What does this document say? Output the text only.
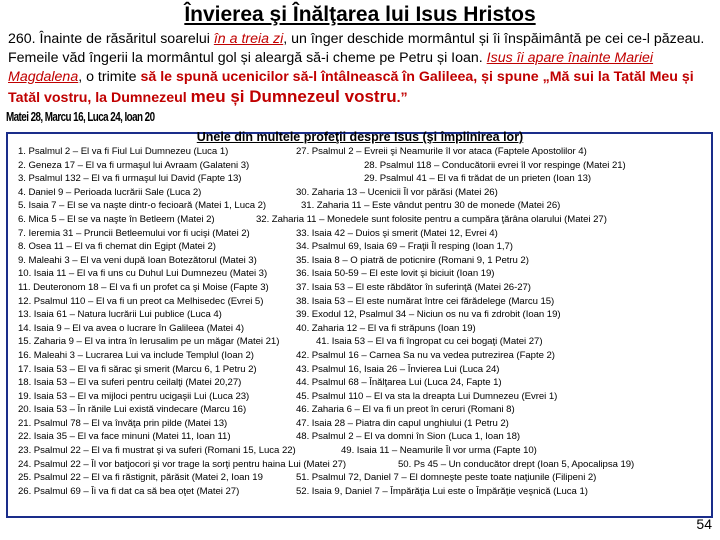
Învierea şi Înălţarea lui Isus Hristos
260. Înainte de răsăritul soarelui în a treia zi, un înger deschide mormântul și îi înspăimântă pe cei ce-l păzeau. Femeile văd îngerii la mormântul gol și aleargă să-i cheme pe Petru și Ioan. Isus îi apare înainte Mariei Magdalena, o trimite să le spună ucenicilor să-l întâlnească în Galileea, și spune „Mă sui la Tatăl Meu și Tatăl vostru, la Dumnezeul meu și Dumnezeul vostru.”
Matei 28, Marcu 16, Luca 24, Ioan 20
Unele din multele profeţii despre Isus (şi împlinirea lor)
1. Psalmul 2 – El va fi Fiul Lui Dumnezeu (Luca 1)	27. Psalmul 2 – Evreii şi Neamurile îl vor ataca (Faptele Apostolilor 4)
2. Geneza 17 – El va fi urmaşul lui Avraam (Galateni 3)	28. Psalmul 118 – Conducătorii evrei îl vor respinge (Matei 21)
3. Psalmul 132 – El va fi urmaşul lui David (Fapte 13)	29. Psalmul 41 – El va fi trădat de un prieten (Ioan 13)
4. Daniel 9 – Perioada lucrării Sale (Luca 2)	30. Zaharia 13 – Ucenicii Îl vor părăsi (Matei 26)
5. Isaia 7 – El se va naşte dintr-o fecioară (Matei 1, Luca 2)	31. Zaharia 11 – Este vândut pentru 30 de monede (Matei 26)
6. Mica 5 – El se va naşte în Betleem (Matei 2)	32. Zaharia 11 – Monedele sunt folosite pentru a cumpăra ţărâna olarului (Matei 27)
7. Ieremia 31 – Pruncii Betleemului vor fi ucişi (Matei 2)	33. Isaia 42 – Duios şi smerit (Matei 12, Evrei 4)
8. Osea 11 – El va fi chemat din Egipt (Matei 2)	34. Psalmul 69, Isaia 69 – Fraţii Îl resping (Ioan 1,7)
9. Maleahi 3 – El va veni după Ioan Botezătorul (Matei 3)	35. Isaia 8 – O piatră de poticnire (Romani 9, 1 Petru 2)
10. Isaia 11 – El va fi uns cu Duhul Lui Dumnezeu (Matei 3)	36. Isaia 50-59 – El este lovit şi biciuit (Ioan 19)
11. Deuteronom 18 – El va fi un profet ca şi Moise (Fapte 3)	37. Isaia 53 – El este răbdător în suferinţă (Matei 26-27)
12. Psalmul 110 – El va fi un preot ca Melhisedec (Evrei 5)	38. Isaia 53 – El este numărat între cei fărădelege (Marcu 15)
13. Isaia 61 – Natura lucrării Lui publice (Luca 4)	39. Exodul 12, Psalmul 34 – Niciun os nu va fi zdrobit (Ioan 19)
14. Isaia 9 – El va avea o lucrare în Galileea (Matei 4)	40. Zaharia 12 – El va fi străpuns (Ioan 19)
15. Zaharia 9 – El va intra în Ierusalim pe un măgar (Matei 21)	41. Isaia 53 – El va fi îngropat cu cei bogaţi (Matei 27)
16. Maleahi 3 – Lucrarea Lui va include Templul (Ioan 2)	42. Psalmul 16 – Carnea Sa nu va vedea putrezirea (Fapte 2)
17. Isaia 53 – El va fi sărac şi smerit (Marcu 6, 1 Petru 2)	43. Psalmul 16, Isaia 26 – Învierea Lui (Luca 24)
18. Isaia 53 – El va suferi pentru ceilalţi (Matei 20,27)	44. Psalmul 68 – Înălţarea Lui (Luca 24, Fapte 1)
19. Isaia 53 – El va mijloci pentru ucigaşii Lui (Luca 23)	45. Psalmul 110 – El va sta la dreapta Lui Dumnezeu (Evrei 1)
20. Isaia 53 – În rănile Lui există vindecare (Marcu 16)	46. Zaharia 6 – El va fi un preot în ceruri (Romani 8)
21. Psalmul 78 – El va învăţa prin pilde (Matei 13)	47. Isaia 28 – Piatra din capul unghiului (1 Petru 2)
22. Isaia 35 – El va face minuni (Matei 11, Ioan 11)	48. Psalmul 2 – El va domni în Sion (Luca 1, Ioan 18)
23. Psalmul 22 – El va fi mustrat şi va suferi (Romani 15, Luca 22)	49. Isaia 11 – Neamurile Îl vor urma (Fapte 10)
24. Psalmul 22 – Îl vor batjocori şi vor trage la sorţi pentru haina Lui (Matei 27)	50. Ps 45 – Un conducător drept (Ioan 5, Apocalipsa 19)
25. Psalmul 22 – El va fi răstignit, părăsit (Matei 2, Ioan 19	51. Psalmul 72, Daniel 7 – El domneşte peste toate naţiunile (Filipeni 2)
26. Psalmul 69 – Îi va fi dat ca să bea oţet (Matei 27)	52. Isaia 9, Daniel 7 – Împărăţia Lui este o Împărăţie veşnică (Luca 1)
54
